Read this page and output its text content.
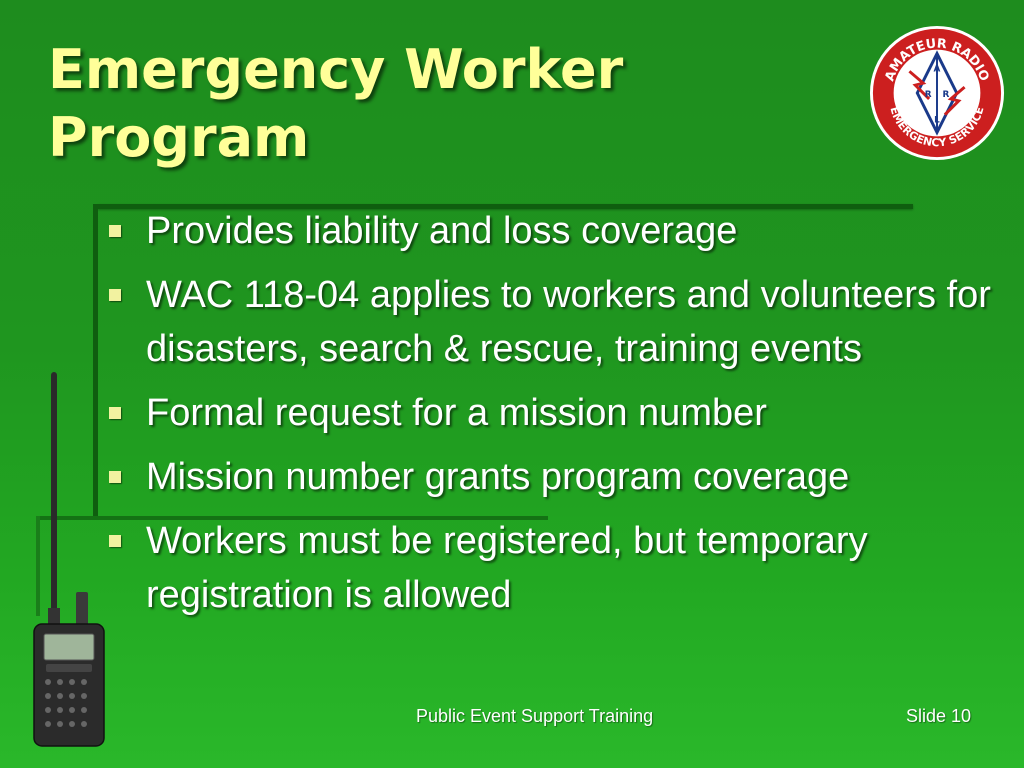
Emergency Worker
Program
AMATEUR RADIO
EMERGENCY SERVICE
A
R R
L
Provides liability and loss coverage
WAC 118-04 applies to workers and volunteers for disasters, search & rescue, training events
Formal request for a mission number
Mission number grants program coverage
Workers must be registered, but temporary registration is allowed
Public Event Support Training	Slide 10
